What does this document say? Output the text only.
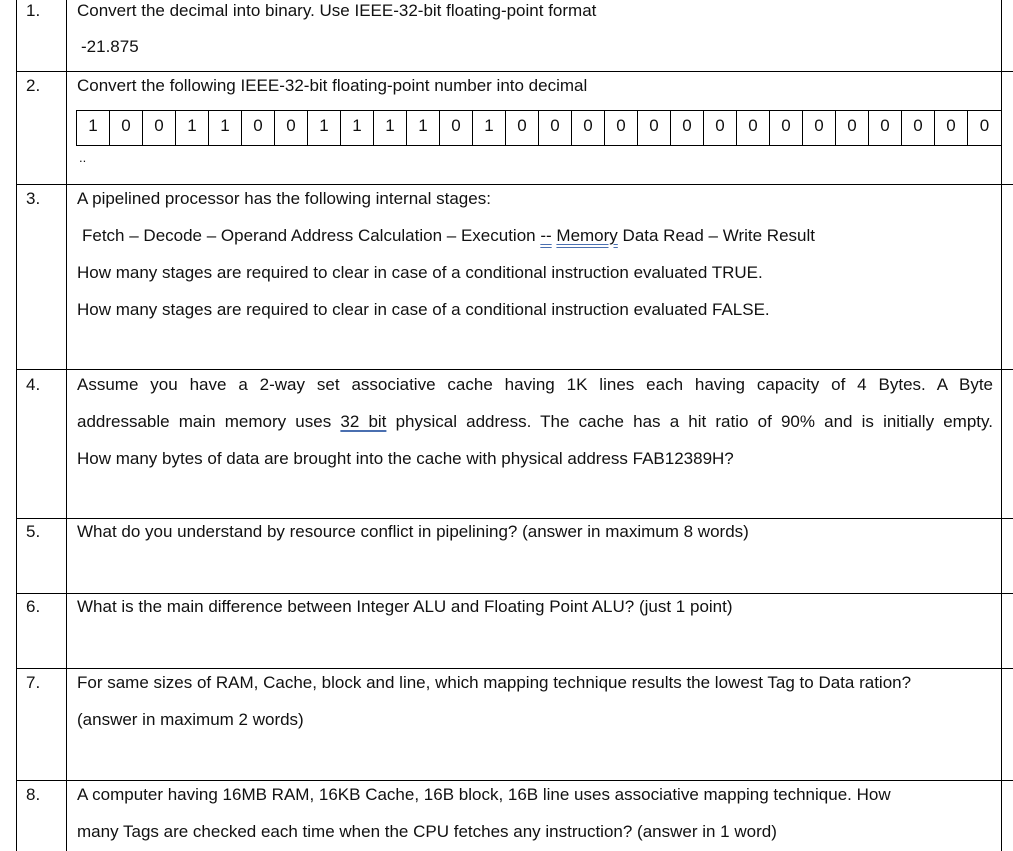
1.	Convert the decimal into binary. Use IEEE-32-bit floating-point format
-21.875
2.	Convert the following IEEE-32-bit floating-point number into decimal
1	0	0	1	1	0	0	1	1	1	1	0	1	0	0	0	0	0	0	0	0	0	0	0	0	0	0	0
..
3.	A pipelined processor has the following internal stages:
Fetch – Decode – Operand Address Calculation – Execution -- Memory Data Read – Write Result
How many stages are required to clear in case of a conditional instruction evaluated TRUE.
How many stages are required to clear in case of a conditional instruction evaluated FALSE.
4.	Assume you have a 2-way set associative cache having 1K lines each having capacity of 4 Bytes. A Byte
addressable main memory uses 32 bit physical address. The cache has a hit ratio of 90% and is initially empty.
How many bytes of data are brought into the cache with physical address FAB12389H?
5.	What do you understand by resource conflict in pipelining? (answer in maximum 8 words)
6.	What is the main difference between Integer ALU and Floating Point ALU? (just 1 point)
7.	For same sizes of RAM, Cache, block and line, which mapping technique results the lowest Tag to Data ration?
(answer in maximum 2 words)
8.	A computer having 16MB RAM, 16KB Cache, 16B block, 16B line uses associative mapping technique. How
many Tags are checked each time when the CPU fetches any instruction? (answer in 1 word)
